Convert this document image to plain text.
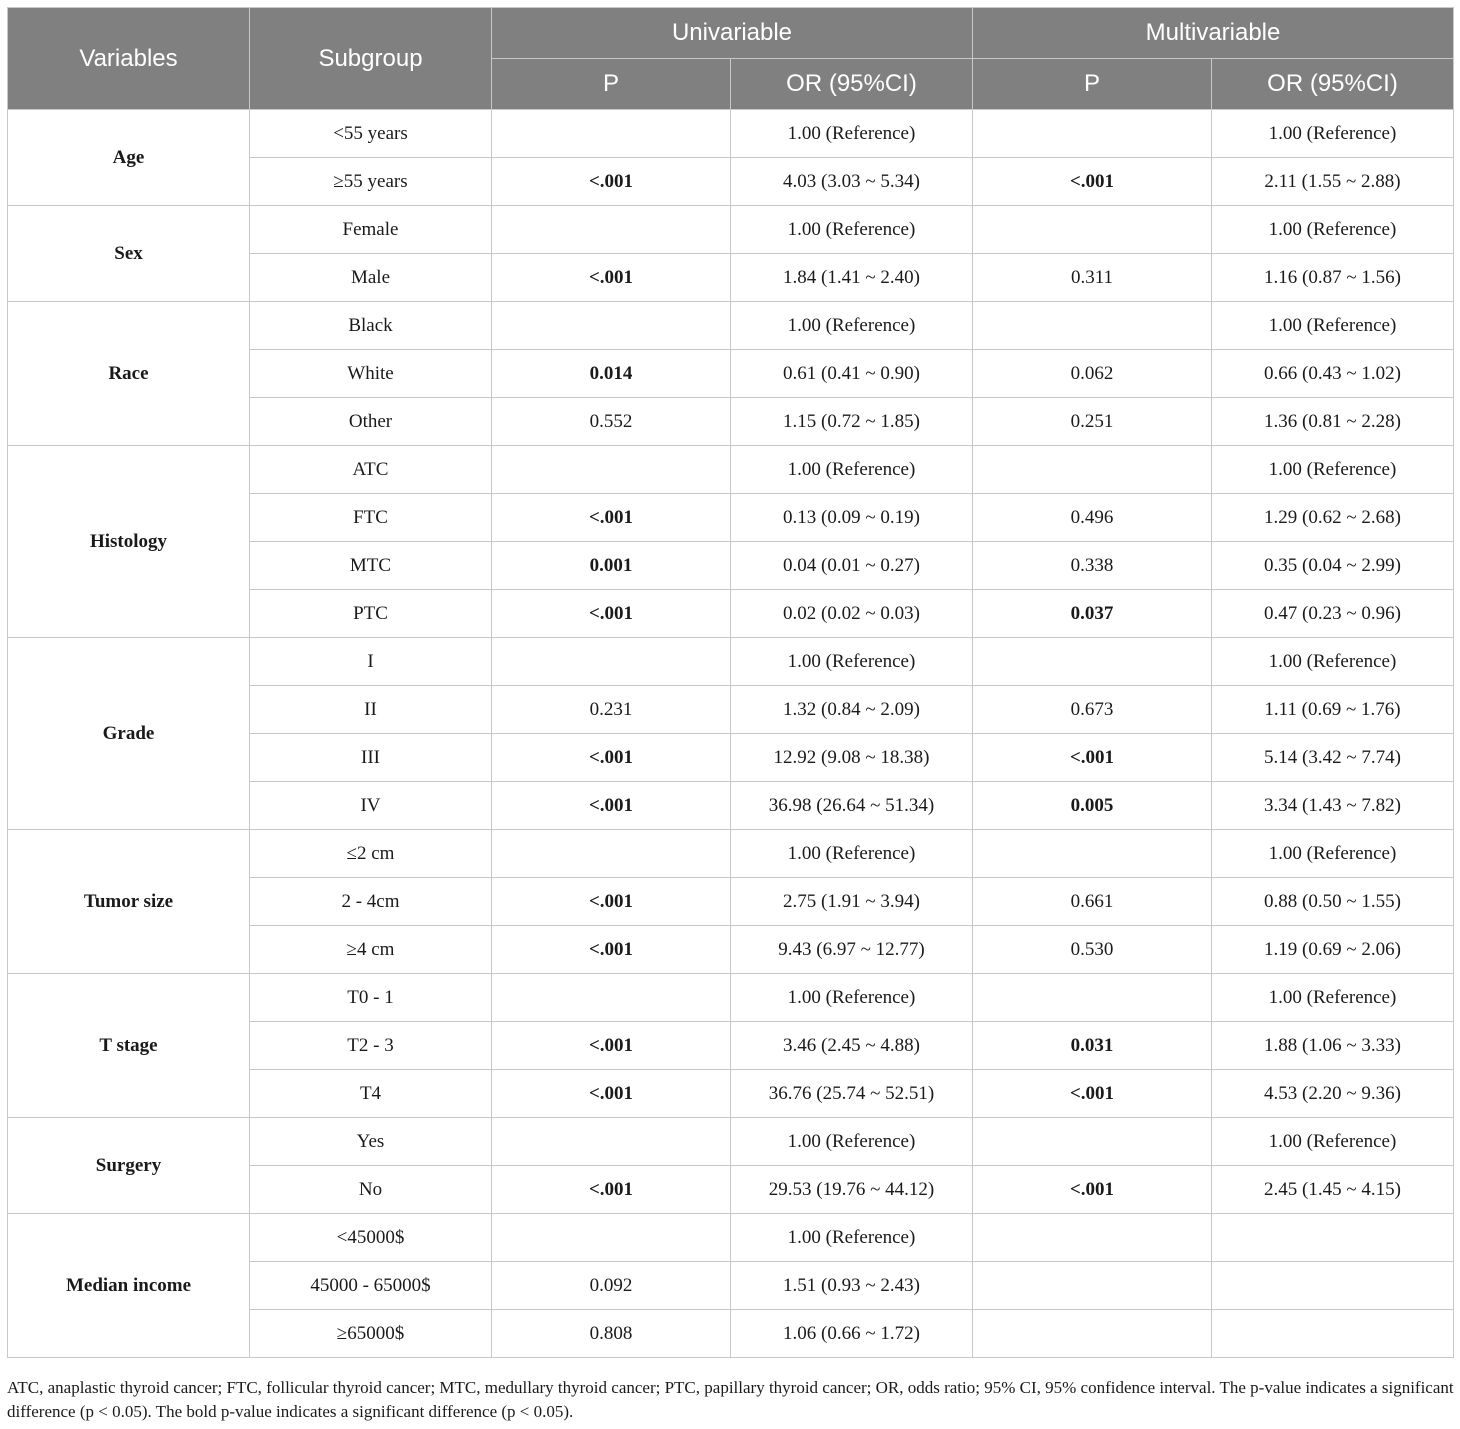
Variables	Subgroup	Univariable		Multivariable	
		P	OR (95%CI)	P	OR (95%CI)
Age	<55 years		1.00 (Reference)		1.00 (Reference)
	≥55 years	<.001	4.03 (3.03 ~ 5.34)	<.001	2.11 (1.55 ~ 2.88)
Sex	Female		1.00 (Reference)		1.00 (Reference)
	Male	<.001	1.84 (1.41 ~ 2.40)	0.311	1.16 (0.87 ~ 1.56)
Race	Black		1.00 (Reference)		1.00 (Reference)
	White	0.014	0.61 (0.41 ~ 0.90)	0.062	0.66 (0.43 ~ 1.02)
	Other	0.552	1.15 (0.72 ~ 1.85)	0.251	1.36 (0.81 ~ 2.28)
Histology	ATC		1.00 (Reference)		1.00 (Reference)
	FTC	<.001	0.13 (0.09 ~ 0.19)	0.496	1.29 (0.62 ~ 2.68)
	MTC	0.001	0.04 (0.01 ~ 0.27)	0.338	0.35 (0.04 ~ 2.99)
	PTC	<.001	0.02 (0.02 ~ 0.03)	0.037	0.47 (0.23 ~ 0.96)
Grade	I		1.00 (Reference)		1.00 (Reference)
	II	0.231	1.32 (0.84 ~ 2.09)	0.673	1.11 (0.69 ~ 1.76)
	III	<.001	12.92 (9.08 ~ 18.38)	<.001	5.14 (3.42 ~ 7.74)
	IV	<.001	36.98 (26.64 ~ 51.34)	0.005	3.34 (1.43 ~ 7.82)
Tumor size	≤2 cm		1.00 (Reference)		1.00 (Reference)
	2 - 4cm	<.001	2.75 (1.91 ~ 3.94)	0.661	0.88 (0.50 ~ 1.55)
	≥4 cm	<.001	9.43 (6.97 ~ 12.77)	0.530	1.19 (0.69 ~ 2.06)
T stage	T0 - 1		1.00 (Reference)		1.00 (Reference)
	T2 - 3	<.001	3.46 (2.45 ~ 4.88)	0.031	1.88 (1.06 ~ 3.33)
	T4	<.001	36.76 (25.74 ~ 52.51)	<.001	4.53 (2.20 ~ 9.36)
Surgery	Yes		1.00 (Reference)		1.00 (Reference)
	No	<.001	29.53 (19.76 ~ 44.12)	<.001	2.45 (1.45 ~ 4.15)
Median income	<45000$		1.00 (Reference)		
	45000 - 65000$	0.092	1.51 (0.93 ~ 2.43)		
	≥65000$	0.808	1.06 (0.66 ~ 1.72)		
ATC, anaplastic thyroid cancer; FTC, follicular thyroid cancer; MTC, medullary thyroid cancer; PTC, papillary thyroid cancer; OR, odds ratio; 95% CI, 95% confidence interval. The p-value indicates a significant difference (p < 0.05). The bold p-value indicates a significant difference (p < 0.05).
